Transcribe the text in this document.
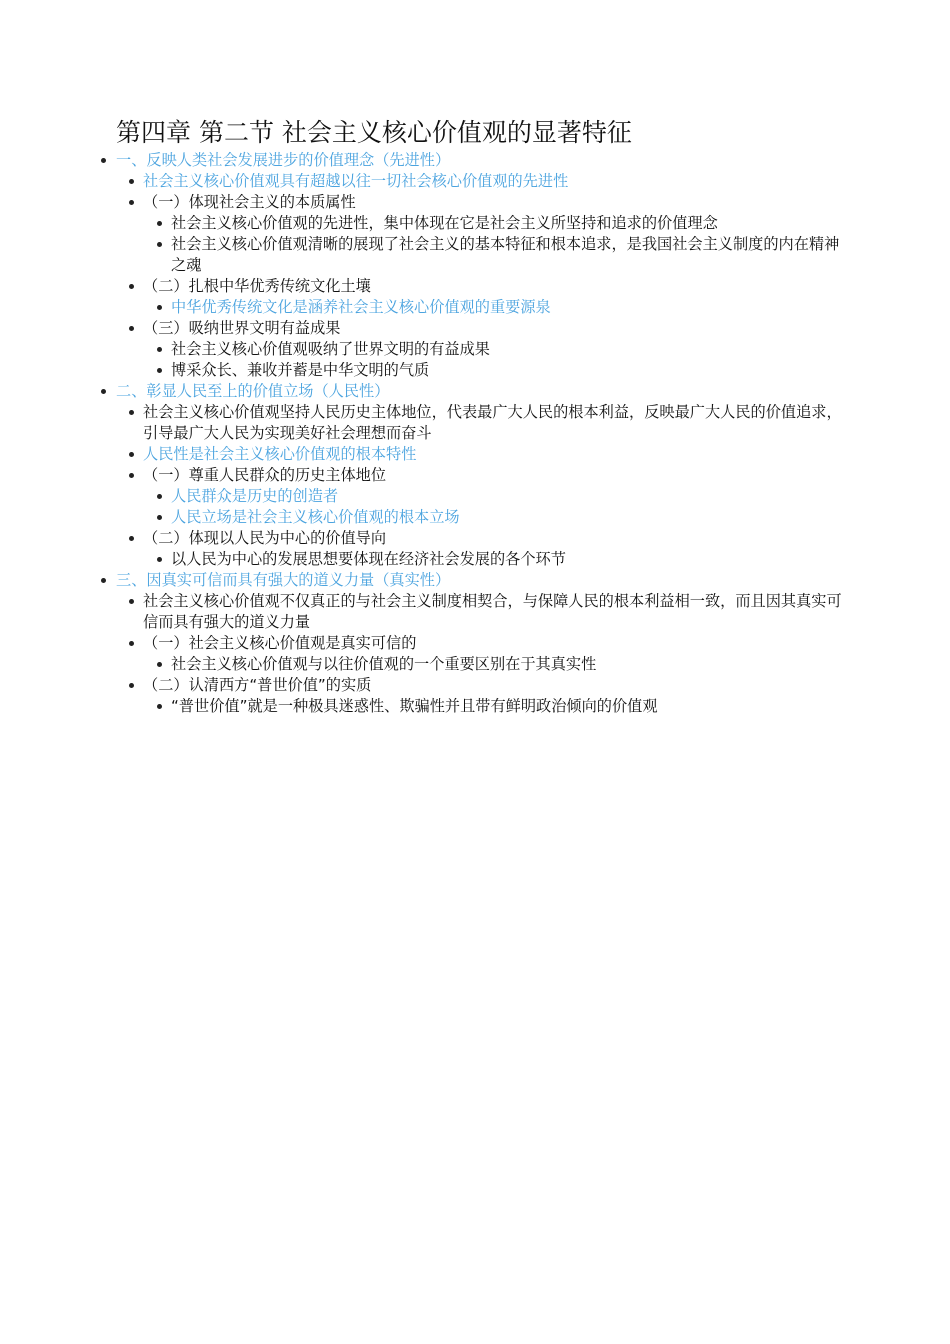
第四章 第二节 社会主义核心价值观的显著特征
一、反映人类社会发展进步的价值理念（先进性）
社会主义核心价值观具有超越以往一切社会核心价值观的先进性
（一）体现社会主义的本质属性
社会主义核心价值观的先进性，集中体现在它是社会主义所坚持和追求的价值理念
社会主义核心价值观清晰的展现了社会主义的基本特征和根本追求，是我国社会主义制度的内在精神之魂
（二）扎根中华优秀传统文化土壤
中华优秀传统文化是涵养社会主义核心价值观的重要源泉
（三）吸纳世界文明有益成果
社会主义核心价值观吸纳了世界文明的有益成果
博采众长、兼收并蓄是中华文明的气质
二、彰显人民至上的价值立场（人民性）
社会主义核心价值观坚持人民历史主体地位，代表最广大人民的根本利益，反映最广大人民的价值追求，引导最广大人民为实现美好社会理想而奋斗
人民性是社会主义核心价值观的根本特性
（一）尊重人民群众的历史主体地位
人民群众是历史的创造者
人民立场是社会主义核心价值观的根本立场
（二）体现以人民为中心的价值导向
以人民为中心的发展思想要体现在经济社会发展的各个环节
三、因真实可信而具有强大的道义力量（真实性）
社会主义核心价值观不仅真正的与社会主义制度相契合，与保障人民的根本利益相一致，而且因其真实可信而具有强大的道义力量
（一）社会主义核心价值观是真实可信的
社会主义核心价值观与以往价值观的一个重要区别在于其真实性
（二）认清西方“普世价值”的实质
“普世价值”就是一种极具迷惑性、欺骗性并且带有鲜明政治倾向的价值观
